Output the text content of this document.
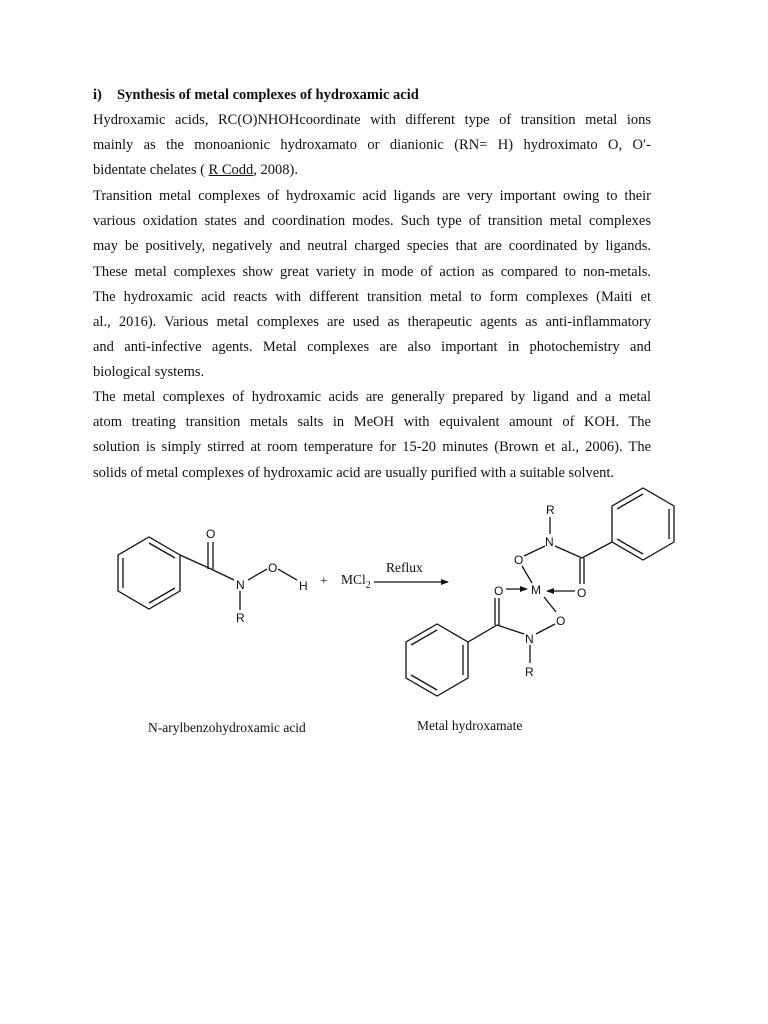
i) Synthesis of metal complexes of hydroxamic acid
Hydroxamic acids, RC(O)NHOHcoordinate with different type of transition metal ions
mainly as the monoanionic hydroxamato or dianionic (RN= H) hydroximato O, O′-
bidentate chelates ( R Codd, 2008).
Transition metal complexes of hydroxamic acid ligands are very important owing to their
various oxidation states and coordination modes. Such type of transition metal complexes
may be positively, negatively and neutral charged species that are coordinated by ligands.
These metal complexes show great variety in mode of action as compared to non-metals.
The hydroxamic acid reacts with different transition metal to form complexes (Maiti et
al., 2016). Various metal complexes are used as therapeutic agents as anti-inflammatory
and anti-infective agents. Metal complexes are also important in photochemistry and
biological systems.
The metal complexes of hydroxamic acids are generally prepared by ligand and a metal
atom treating transition metals salts in MeOH with equivalent amount of KOH. The
solution is simply stirred at room temperature for 15-20 minutes (Brown et al., 2006). The
solids of metal complexes of hydroxamic acid are usually purified with a suitable solvent.
O
N
O
H
R
+ MCl$_2$
Reflux
R
N
O
O
O M
O
N
R
N-arylbenzohydroxamic acid	Metal hydroxamate
